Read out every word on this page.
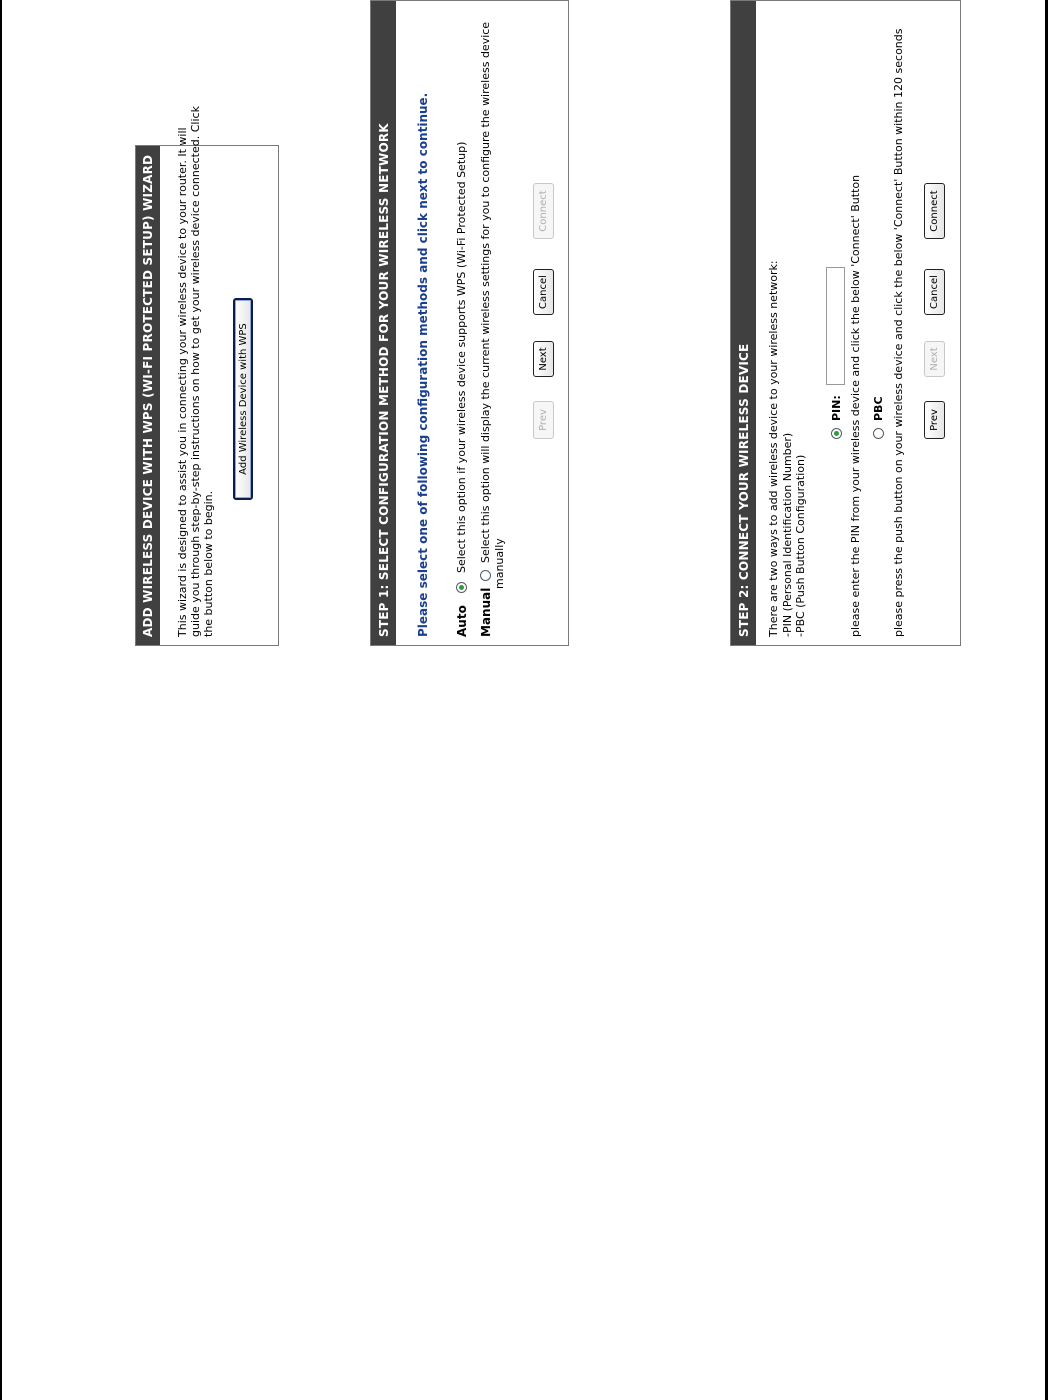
ADD WIRELESS DEVICE WITH WPS (WI-FI PROTECTED SETUP) WIZARD	This wizard is designed to assist you in connecting your wireless device to your router. It will guide you through step-by-step instructions on how to get your wireless device connected. Click the button below to begin.
Add Wireless Device with WPS	STEP 1: SELECT CONFIGURATION METHOD FOR YOUR WIRELESS NETWORK	Please select one of following configuration methods and click next to continue. Auto
Select this option if your wireless device supports WPS (Wi-Fi Protected Setup)
Manual
Select this option will display the current wireless settings for you to configure the wireless device
manually
Prev
Next
Cancel
Connect
STEP 2: CONNECT YOUR WIRELESS DEVICE	There are two ways to add wireless device to your wireless network: -PIN (Personal Identification Number) -PBC (Push Button Configuration)
PIN: please enter the PIN from your wireless device and click the below 'Connect' Button PBC please press the push button on your wireless device and click the below 'Connect' Button within 120 seconds	Prev
Next
Cancel
Connect
